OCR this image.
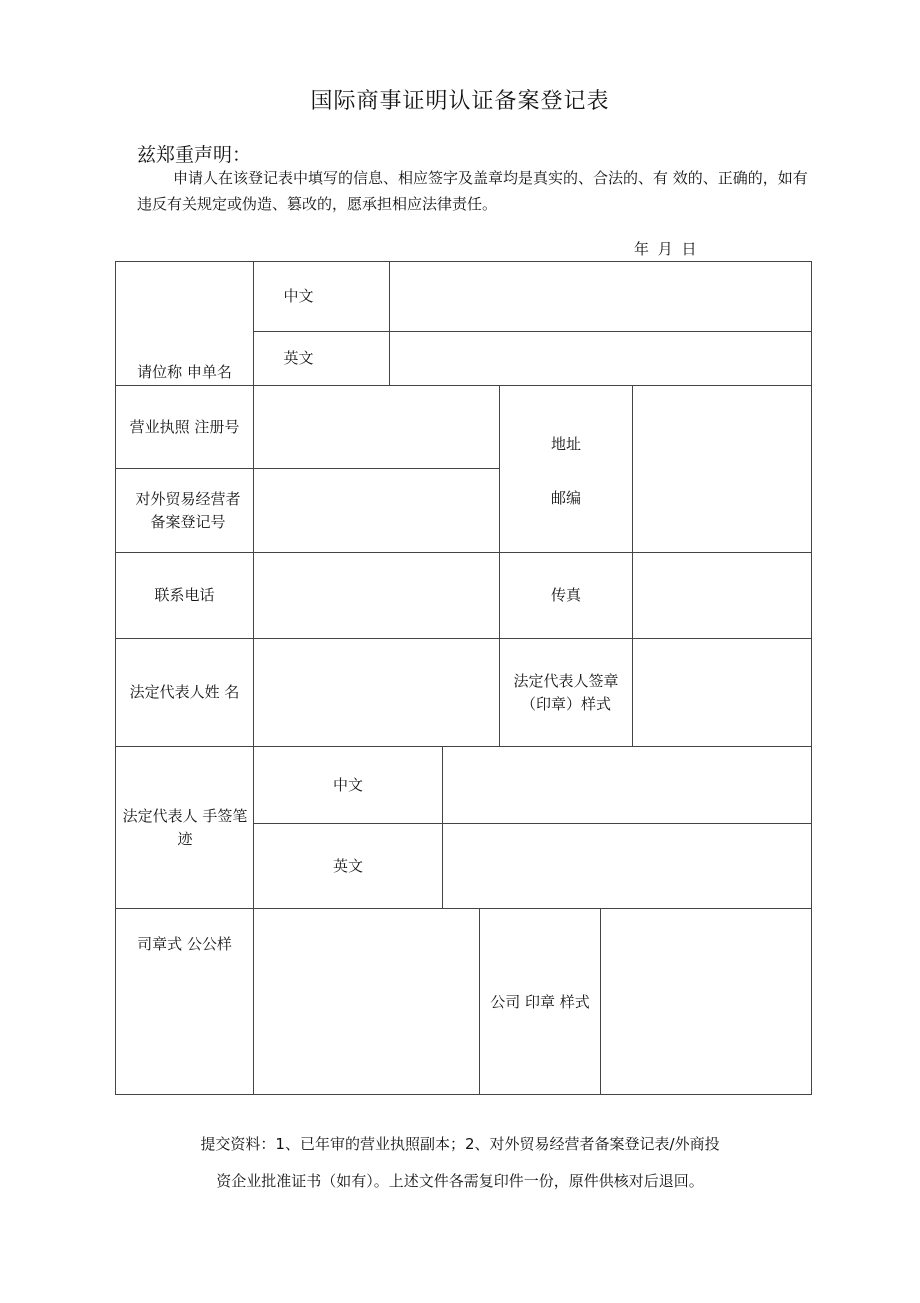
国际商事证明认证备案登记表
兹郑重声明：
申请人在该登记表中填写的信息、相应签字及盖章均是真实的、合法的、有 效的、正确的，如有违反有关规定或伪造、篡改的，愿承担相应法律责任。
年 月 日
请位称 申单名
中文
英文
营业执照 注册号
对外贸易经营者备案登记号
地址
邮编
联系电话	传真
法定代表人姓 名
法定代表人签章（印章）样式
法定代表人 手签笔迹
中文
英文
司章式 公公样
公司 印章 样式
提交资料：1、已年审的营业执照副本；2、对外贸易经营者备案登记表/外商投
资企业批准证书（如有）。上述文件各需复印件一份，原件供核对后退回。
